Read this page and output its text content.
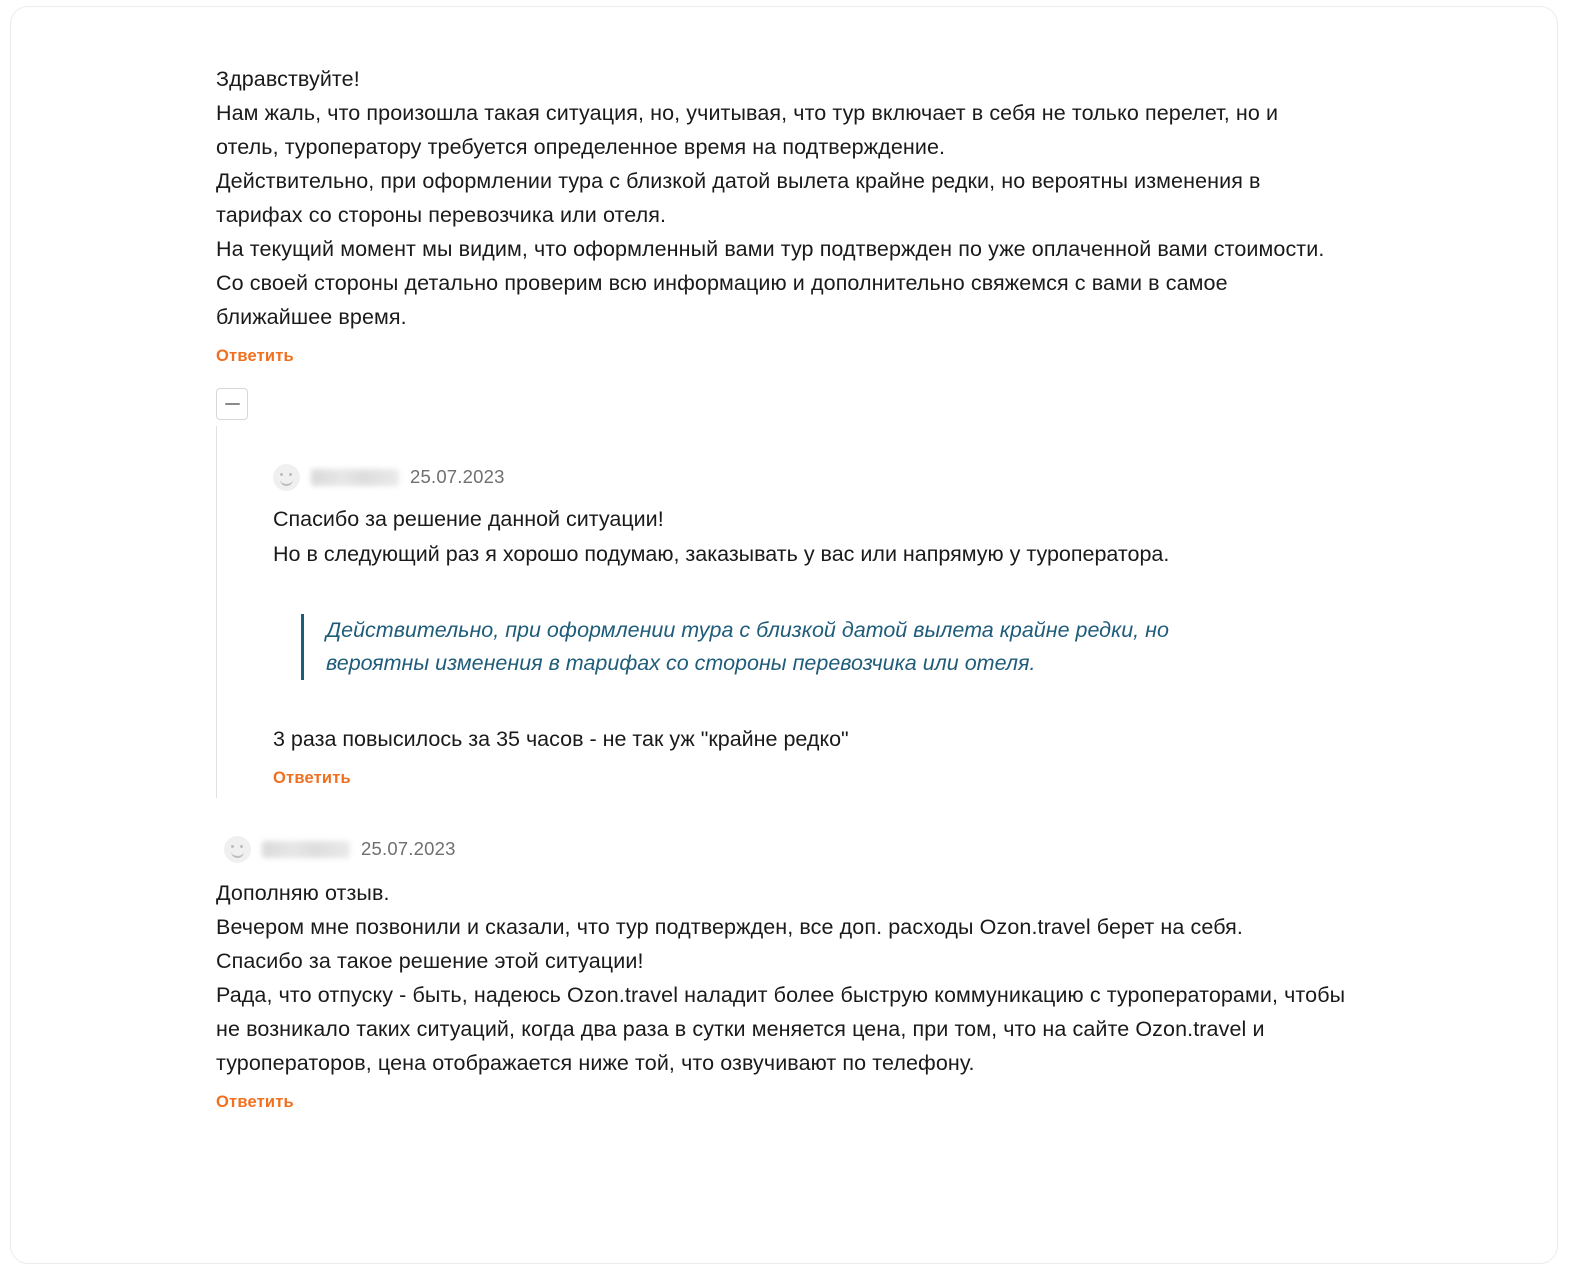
Здравствуйте!

Нам жаль, что произошла такая ситуация, но, учитывая, что тур включает в себя не только перелет, но и отель, туроператору требуется определенное время на подтверждение.

Действительно, при оформлении тура с близкой датой вылета крайне редки, но вероятны изменения в тарифах со стороны перевозчика или отеля.

На текущий момент мы видим, что оформленный вами тур подтвержден по уже оплаченной вами стоимости. Со своей стороны детально проверим всю информацию и дополнительно свяжемся с вами в самое ближайшее время.

Ответить
25.07.2023

Спасибо за решение данной ситуации!

Но в следующий раз я хорошо подумаю, заказывать у вас или напрямую у туроператора.

Действительно, при оформлении тура с близкой датой вылета крайне редки, но

вероятны изменения в тарифах со стороны перевозчика или отеля.

3 раза повысилось за 35 часов - не так уж "крайне редко"
Ответить
25.07.2023

Дополняю отзыв.

Вечером мне позвонили и сказали, что тур подтвержден, все доп. расходы Ozon.travel берет на себя.

Спасибо за такое решение этой ситуации!

Рада, что отпуску - быть, надеюсь Ozon.travel наладит более быструю коммуникацию с туроператорами, чтобы не возникало таких ситуаций, когда два раза в сутки меняется цена, при том, что на сайте Ozon.travel и туроператоров, цена отображается ниже той, что озвучивают по телефону.

Ответить
